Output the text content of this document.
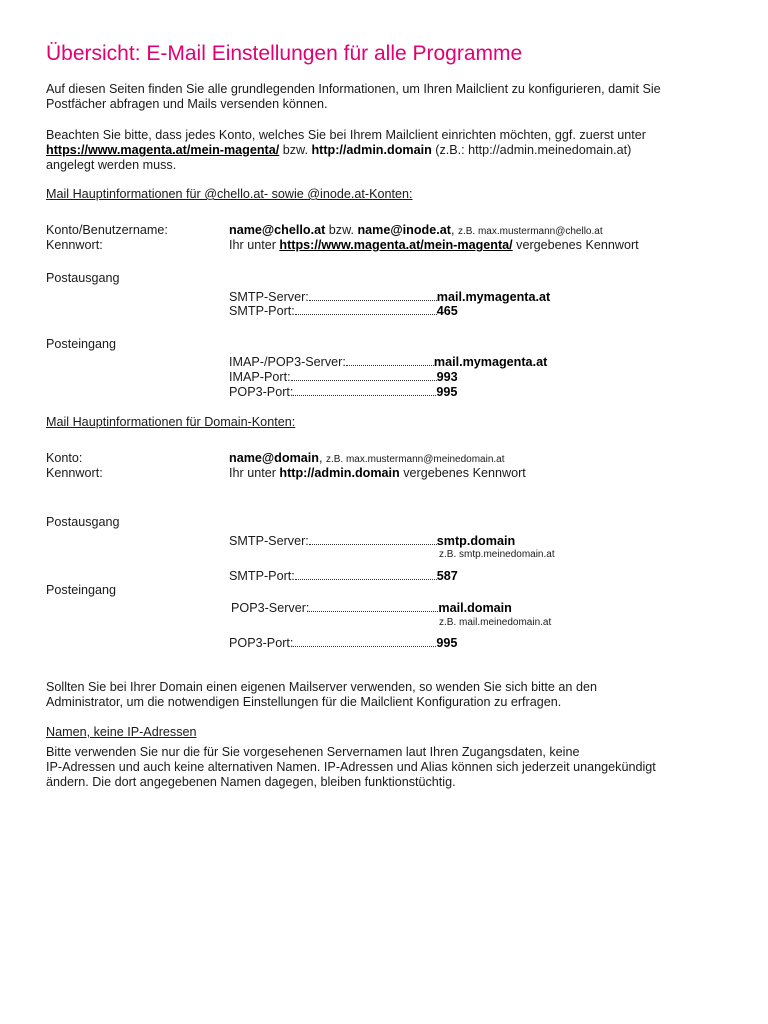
Übersicht: E-Mail Einstellungen für alle Programme
Auf diesen Seiten finden Sie alle grundlegenden Informationen, um Ihren Mailclient zu konfigurieren, damit Sie
Postfächer abfragen und Mails versenden können.
Beachten Sie bitte, dass jedes Konto, welches Sie bei Ihrem Mailclient einrichten möchten, ggf. zuerst unter
https://www.magenta.at/mein-magenta/ bzw. http://admin.domain (z.B.: http://admin.meinedomain.at)
angelegt werden muss.
Mail Hauptinformationen für @chello.at- sowie @inode.at-Konten:
Konto/Benutzername:	name@chello.at bzw. name@inode.at, z.B. max.mustermann@chello.at
Kennwort:	Ihr unter https://www.magenta.at/mein-magenta/ vergebenes Kennwort
Postausgang
SMTP-Server:	mail.mymagenta.at
SMTP-Port:	465
Posteingang
IMAP-/POP3-Server:	mail.mymagenta.at
IMAP-Port:	993
POP3-Port:	995
Mail Hauptinformationen für Domain-Konten:
Konto:	name@domain, z.B. max.mustermann@meinedomain.at
Kennwort:	Ihr unter http://admin.domain vergebenes Kennwort
Postausgang
SMTP-Server:	smtp.domain
z.B. smtp.meinedomain.at
SMTP-Port:	587
Posteingang
POP3-Server:	mail.domain
z.B. mail.meinedomain.at
POP3-Port:	995
Sollten Sie bei Ihrer Domain einen eigenen Mailserver verwenden, so wenden Sie sich bitte an den
Administrator, um die notwendigen Einstellungen für die Mailclient Konfiguration zu erfragen.
Namen, keine IP-Adressen
Bitte verwenden Sie nur die für Sie vorgesehenen Servernamen laut Ihren Zugangsdaten, keine
IP-Adressen und auch keine alternativen Namen. IP-Adressen und Alias können sich jederzeit unangekündigt
ändern. Die dort angegebenen Namen dagegen, bleiben funktionstüchtig.
